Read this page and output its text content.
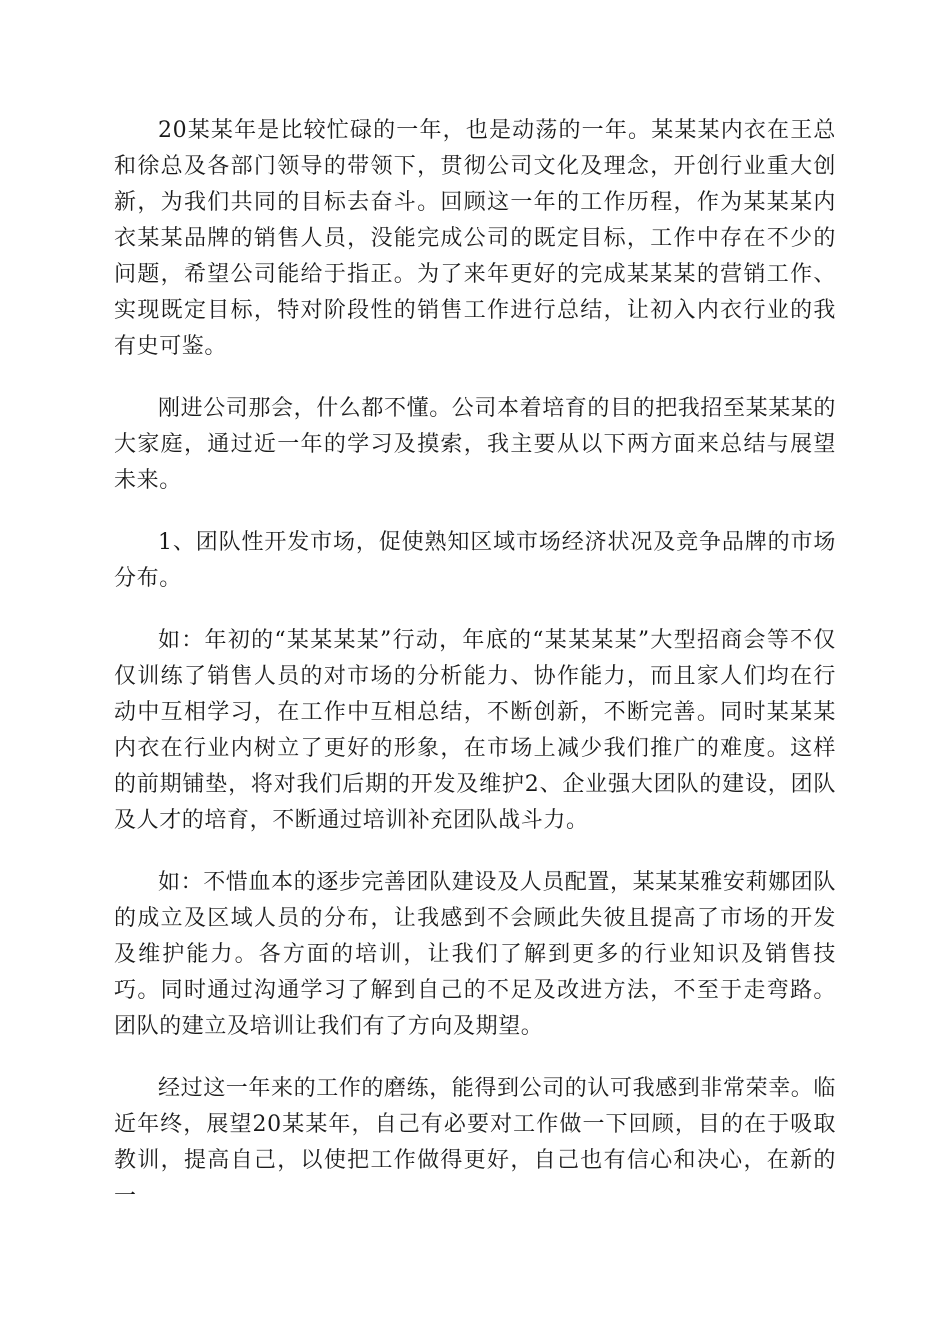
20某某年是比较忙碌的一年，也是动荡的一年。某某某内衣在王总和徐总及各部门领导的带领下，贯彻公司文化及理念，开创行业重大创新，为我们共同的目标去奋斗。回顾这一年的工作历程，作为某某某内衣某某品牌的销售人员，没能完成公司的既定目标，工作中存在不少的问题，希望公司能给于指正。为了来年更好的完成某某某的营销工作、实现既定目标，特对阶段性的销售工作进行总结，让初入内衣行业的我有史可鉴。

刚进公司那会，什么都不懂。公司本着培育的目的把我招至某某某的大家庭，通过近一年的学习及摸索，我主要从以下两方面来总结与展望未来。

1、团队性开发市场，促使熟知区域市场经济状况及竞争品牌的市场分布。

如：年初的“某某某某”行动，年底的“某某某某”大型招商会等不仅仅训练了销售人员的对市场的分析能力、协作能力，而且家人们均在行动中互相学习，在工作中互相总结，不断创新，不断完善。同时某某某内衣在行业内树立了更好的形象，在市场上减少我们推广的难度。这样的前期铺垫，将对我们后期的开发及维护2、企业强大团队的建设，团队及人才的培育，不断通过培训补充团队战斗力。

如：不惜血本的逐步完善团队建设及人员配置，某某某雅安莉娜团队的成立及区域人员的分布，让我感到不会顾此失彼且提高了市场的开发及维护能力。各方面的培训，让我们了解到更多的行业知识及销售技巧。同时通过沟通学习了解到自己的不足及改进方法，不至于走弯路。团队的建立及培训让我们有了方向及期望。

经过这一年来的工作的磨练，能得到公司的认可我感到非常荣幸。临近年终，展望20某某年，自己有必要对工作做一下回顾，目的在于吸取教训，提高自己，以使把工作做得更好，自己也有信心和决心，在新的一
